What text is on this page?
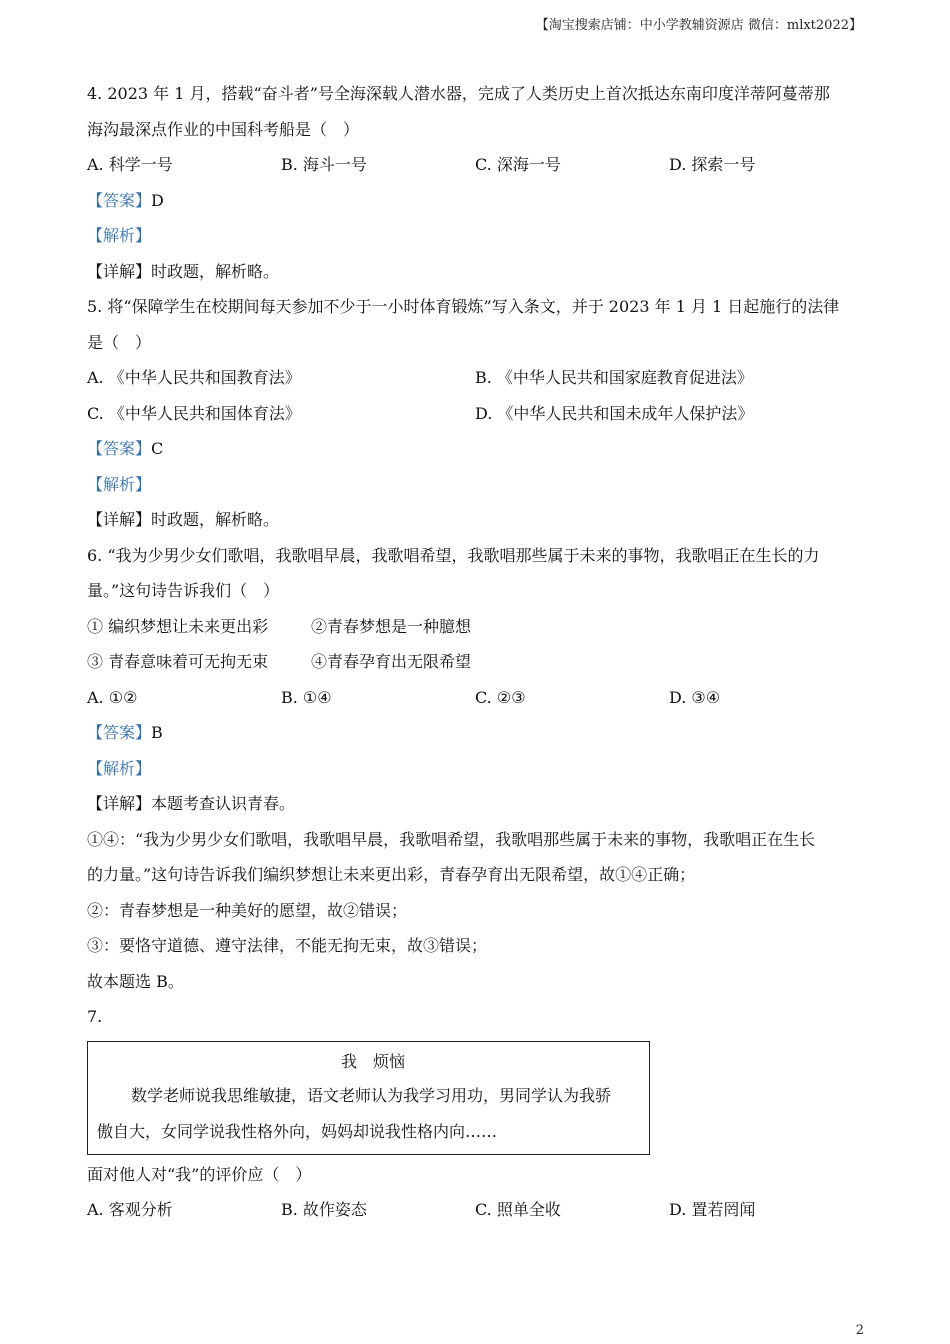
【淘宝搜索店铺：中小学教辅资源店 微信：mlxt2022】
4. 2023 年 1 月，搭载“奋斗者”号全海深载人潜水器，完成了人类历史上首次抵达东南印度洋蒂阿蔓蒂那
海沟最深点作业的中国科考船是（　）
A. 科学一号	B. 海斗一号	C. 深海一号	D. 探索一号
【答案】D
【解析】
【详解】时政题，解析略。
5. 将“保障学生在校期间每天参加不少于一小时体育锻炼”写入条文，并于 2023 年 1 月 1 日起施行的法律
是（　）
A. 《中华人民共和国教育法》	B. 《中华人民共和国家庭教育促进法》
C. 《中华人民共和国体育法》	D. 《中华人民共和国未成年人保护法》
【答案】C
【解析】
【详解】时政题，解析略。
6. “我为少男少女们歌唱，我歌唱早晨，我歌唱希望，我歌唱那些属于未来的事物，我歌唱正在生长的力
量。”这句诗告诉我们（　）
① 编织梦想让未来更出彩	②青春梦想是一种臆想
③ 青春意味着可无拘无束	④青春孕育出无限希望
A. ①②	B. ①④	C. ②③	D. ③④
【答案】B
【解析】
【详解】本题考查认识青春。
①④：“我为少男少女们歌唱，我歌唱早晨，我歌唱希望，我歌唱那些属于未来的事物，我歌唱正在生长
的力量。”这句诗告诉我们编织梦想让未来更出彩，青春孕育出无限希望，故①④正确；
②：青春梦想是一种美好的愿望，故②错误；
③：要恪守道德、遵守法律，不能无拘无束，故③错误；
故本题选 B。
7.
我　烦恼
数学老师说我思维敏捷，语文老师认为我学习用功，男同学认为我骄
傲自大，女同学说我性格外向，妈妈却说我性格内向……
面对他人对“我”的评价应（　）
A. 客观分析	B. 故作姿态	C. 照单全收	D. 置若罔闻
2
